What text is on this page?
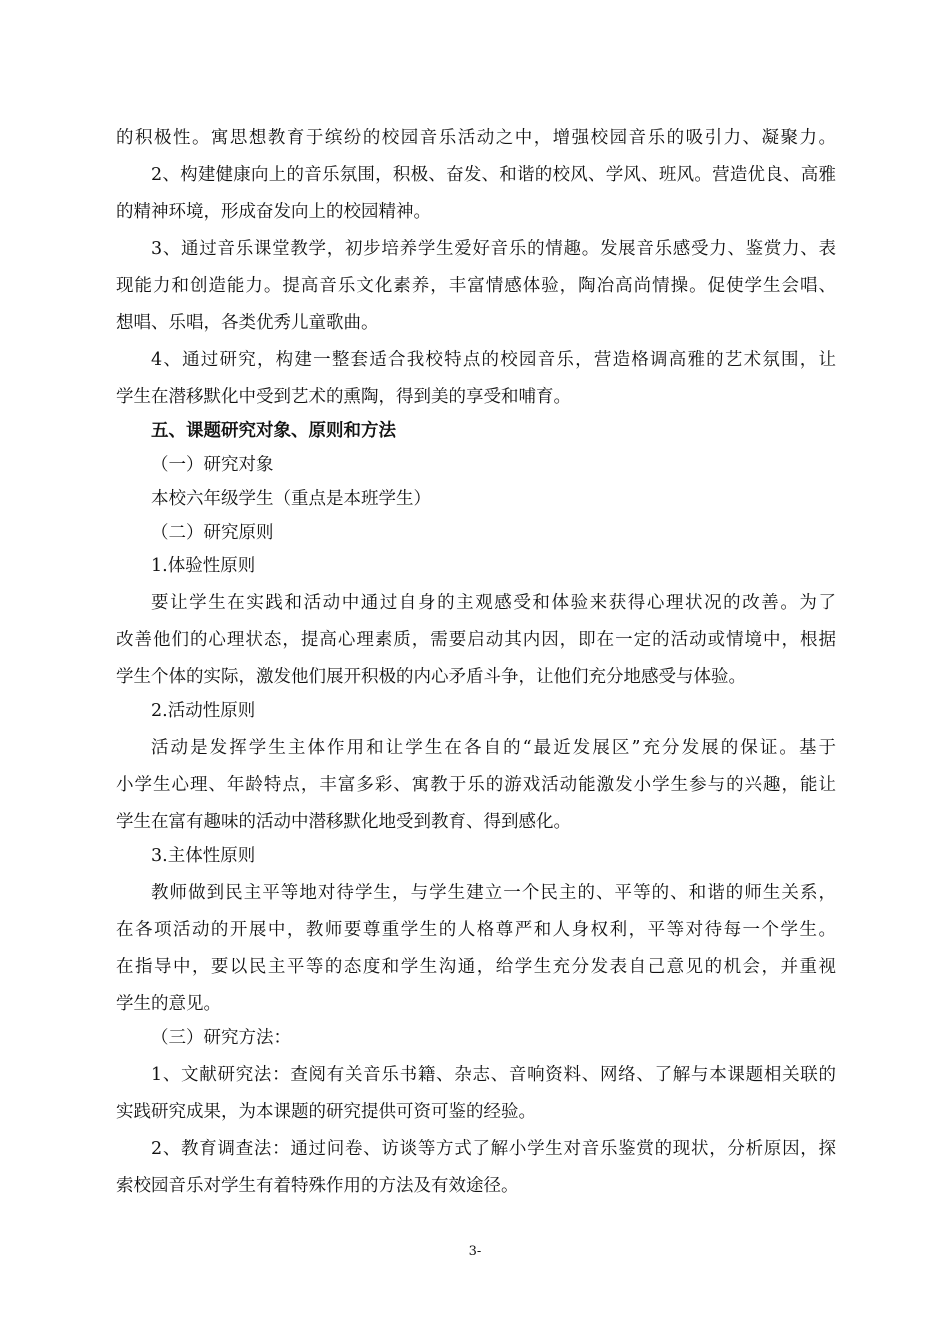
的积极性。寓思想教育于缤纷的校园音乐活动之中，增强校园音乐的吸引力、凝聚力。
2、构建健康向上的音乐氛围，积极、奋发、和谐的校风、学风、班风。营造优良、高雅
的精神环境，形成奋发向上的校园精神。
3、通过音乐课堂教学，初步培养学生爱好音乐的情趣。发展音乐感受力、鉴赏力、表
现能力和创造能力。提高音乐文化素养，丰富情感体验，陶冶高尚情操。促使学生会唱、
想唱、乐唱，各类优秀儿童歌曲。
4、通过研究，构建一整套适合我校特点的校园音乐，营造格调高雅的艺术氛围，让
学生在潜移默化中受到艺术的熏陶，得到美的享受和哺育。
五、课题研究对象、原则和方法
（一）研究对象
本校六年级学生（重点是本班学生）
（二）研究原则
1.体验性原则
要让学生在实践和活动中通过自身的主观感受和体验来获得心理状况的改善。为了
改善他们的心理状态，提高心理素质，需要启动其内因，即在一定的活动或情境中，根据
学生个体的实际，激发他们展开积极的内心矛盾斗争，让他们充分地感受与体验。
2.活动性原则
活动是发挥学生主体作用和让学生在各自的“最近发展区”充分发展的保证。基于
小学生心理、年龄特点，丰富多彩、寓教于乐的游戏活动能激发小学生参与的兴趣，能让
学生在富有趣味的活动中潜移默化地受到教育、得到感化。
3.主体性原则
教师做到民主平等地对待学生，与学生建立一个民主的、平等的、和谐的师生关系，
在各项活动的开展中，教师要尊重学生的人格尊严和人身权利，平等对待每一个学生。
在指导中，要以民主平等的态度和学生沟通，给学生充分发表自己意见的机会，并重视
学生的意见。
（三）研究方法：
1、文献研究法：查阅有关音乐书籍、杂志、音响资料、网络、了解与本课题相关联的
实践研究成果，为本课题的研究提供可资可鉴的经验。
2、教育调查法：通过问卷、访谈等方式了解小学生对音乐鉴赏的现状，分析原因，探
索校园音乐对学生有着特殊作用的方法及有效途径。
3-
